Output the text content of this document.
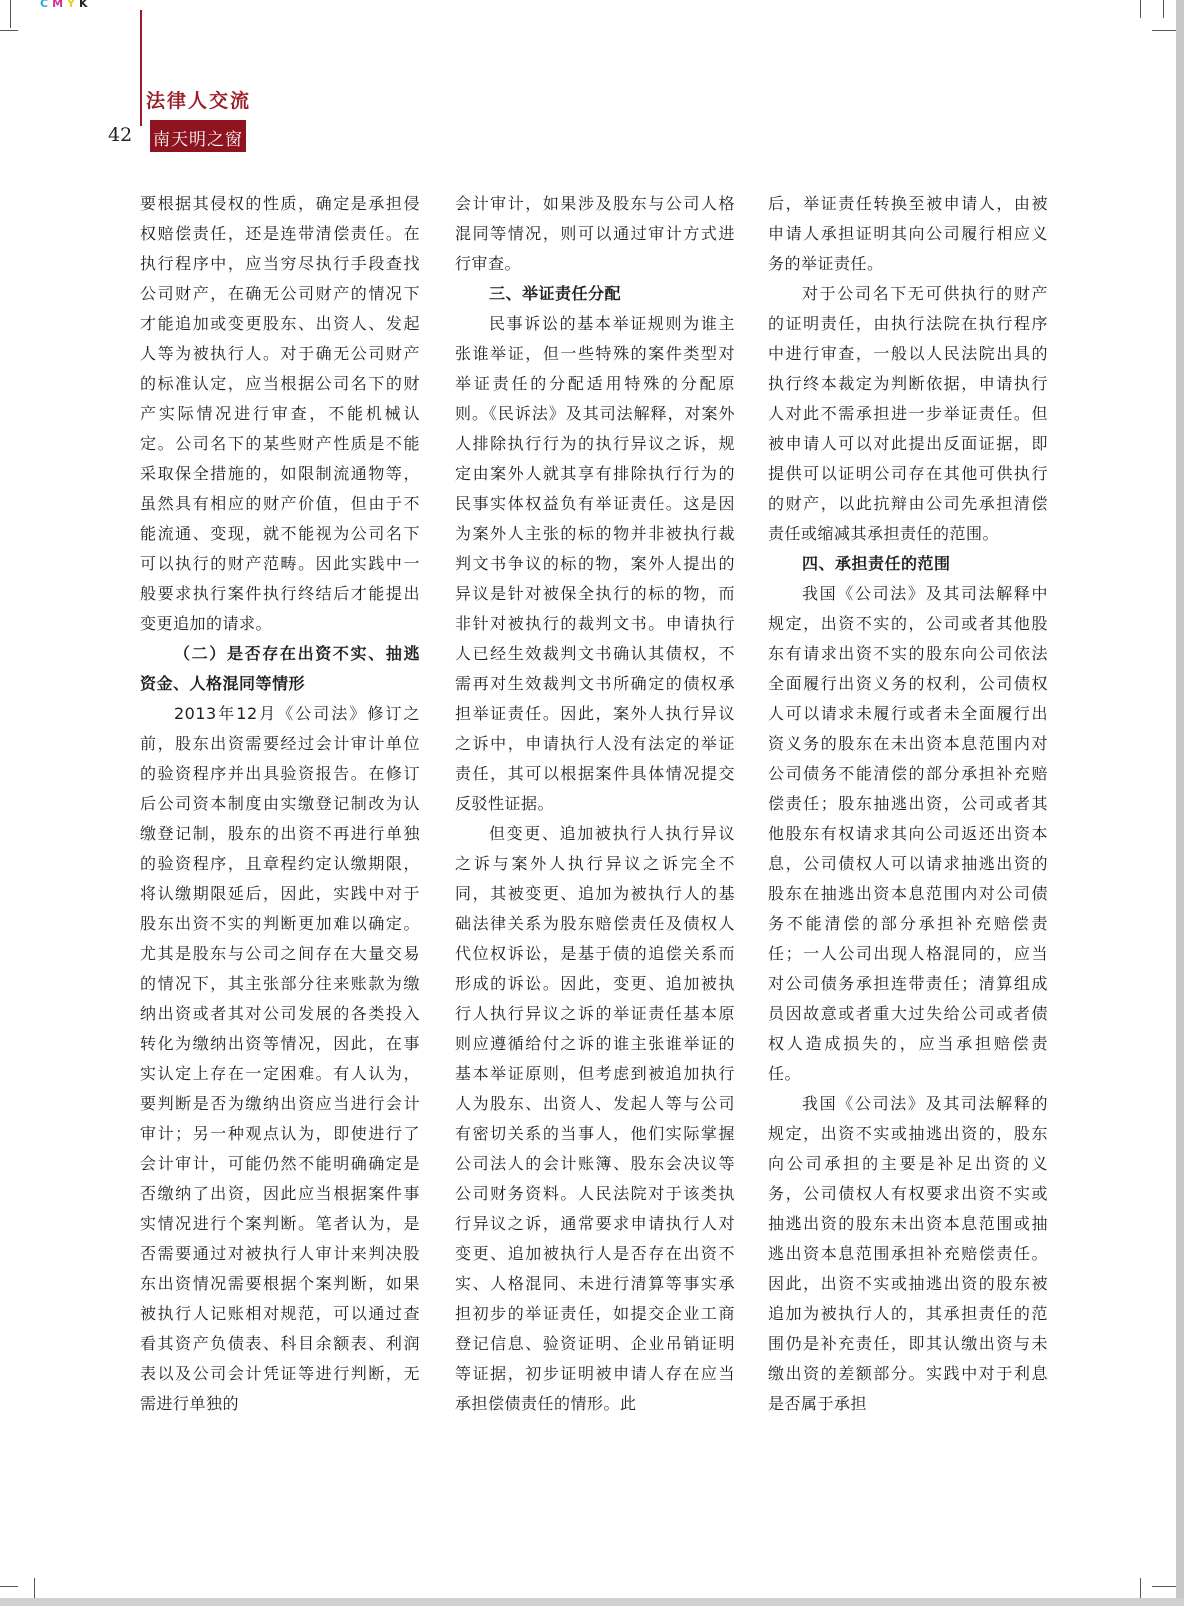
CMYK
法律人交流
42 南天明之窗

要根据其侵权的性质，确定是承担侵权赔偿责任，还是连带清偿责任。在执行程序中，应当穷尽执行手段查找公司财产，在确无公司财产的情况下才能追加或变更股东、出资人、发起人等为被执行人。对于确无公司财产的标准认定，应当根据公司名下的财产实际情况进行审查，不能机械认定。公司名下的某些财产性质是不能采取保全措施的，如限制流通物等，虽然具有相应的财产价值，但由于不能流通、变现，就不能视为公司名下可以执行的财产范畴。因此实践中一般要求执行案件执行终结后才能提出变更追加的请求。

（二）是否存在出资不实、抽逃资金、人格混同等情形

2013年12月《公司法》修订之前，股东出资需要经过会计审计单位的验资程序并出具验资报告。在修订后公司资本制度由实缴登记制改为认缴登记制，股东的出资不再进行单独的验资程序，且章程约定认缴期限，将认缴期限延后，因此，实践中对于股东出资不实的判断更加难以确定。尤其是股东与公司之间存在大量交易的情况下，其主张部分往来账款为缴纳出资或者其对公司发展的各类投入转化为缴纳出资等情况，因此，在事实认定上存在一定困难。有人认为，要判断是否为缴纳出资应当进行会计审计；另一种观点认为，即使进行了会计审计，可能仍然不能明确确定是否缴纳了出资，因此应当根据案件事实情况进行个案判断。笔者认为，是否需要通过对被执行人审计来判决股东出资情况需要根据个案判断，如果被执行人记账相对规范，可以通过查看其资产负债表、科目余额表、利润表以及公司会计凭证等进行判断，无需进行单独的

会计审计，如果涉及股东与公司人格混同等情况，则可以通过审计方式进行审查。

三、举证责任分配

民事诉讼的基本举证规则为谁主张谁举证，但一些特殊的案件类型对举证责任的分配适用特殊的分配原则。《民诉法》及其司法解释，对案外人排除执行行为的执行异议之诉，规定由案外人就其享有排除执行行为的民事实体权益负有举证责任。这是因为案外人主张的标的物并非被执行裁判文书争议的标的物，案外人提出的异议是针对被保全执行的标的物，而非针对被执行的裁判文书。申请执行人已经生效裁判文书确认其债权，不需再对生效裁判文书所确定的债权承担举证责任。因此，案外人执行异议之诉中，申请执行人没有法定的举证责任，其可以根据案件具体情况提交反驳性证据。

但变更、追加被执行人执行异议之诉与案外人执行异议之诉完全不同，其被变更、追加为被执行人的基础法律关系为股东赔偿责任及债权人代位权诉讼，是基于债的追偿关系而形成的诉讼。因此，变更、追加被执行人执行异议之诉的举证责任基本原则应遵循给付之诉的谁主张谁举证的基本举证原则，但考虑到被追加执行人为股东、出资人、发起人等与公司有密切关系的当事人，他们实际掌握公司法人的会计账簿、股东会决议等公司财务资料。人民法院对于该类执行异议之诉，通常要求申请执行人对变更、追加被执行人是否存在出资不实、人格混同、未进行清算等事实承担初步的举证责任，如提交企业工商登记信息、验资证明、企业吊销证明等证据，初步证明被申请人存在应当承担偿债责任的情形。此

后，举证责任转换至被申请人，由被申请人承担证明其向公司履行相应义务的举证责任。

对于公司名下无可供执行的财产的证明责任，由执行法院在执行程序中进行审查，一般以人民法院出具的执行终本裁定为判断依据，申请执行人对此不需承担进一步举证责任。但被申请人可以对此提出反面证据，即提供可以证明公司存在其他可供执行的财产，以此抗辩由公司先承担清偿责任或缩减其承担责任的范围。

四、承担责任的范围

我国《公司法》及其司法解释中规定，出资不实的，公司或者其他股东有请求出资不实的股东向公司依法全面履行出资义务的权利，公司债权人可以请求未履行或者未全面履行出资义务的股东在未出资本息范围内对公司债务不能清偿的部分承担补充赔偿责任；股东抽逃出资，公司或者其他股东有权请求其向公司返还出资本息，公司债权人可以请求抽逃出资的股东在抽逃出资本息范围内对公司债务不能清偿的部分承担补充赔偿责任；一人公司出现人格混同的，应当对公司债务承担连带责任；清算组成员因故意或者重大过失给公司或者债权人造成损失的，应当承担赔偿责任。

我国《公司法》及其司法解释的规定，出资不实或抽逃出资的，股东向公司承担的主要是补足出资的义务，公司债权人有权要求出资不实或抽逃出资的股东未出资本息范围或抽逃出资本息范围承担补充赔偿责任。因此，出资不实或抽逃出资的股东被追加为被执行人的，其承担责任的范围仍是补充责任，即其认缴出资与未缴出资的差额部分。实践中对于利息是否属于承担
